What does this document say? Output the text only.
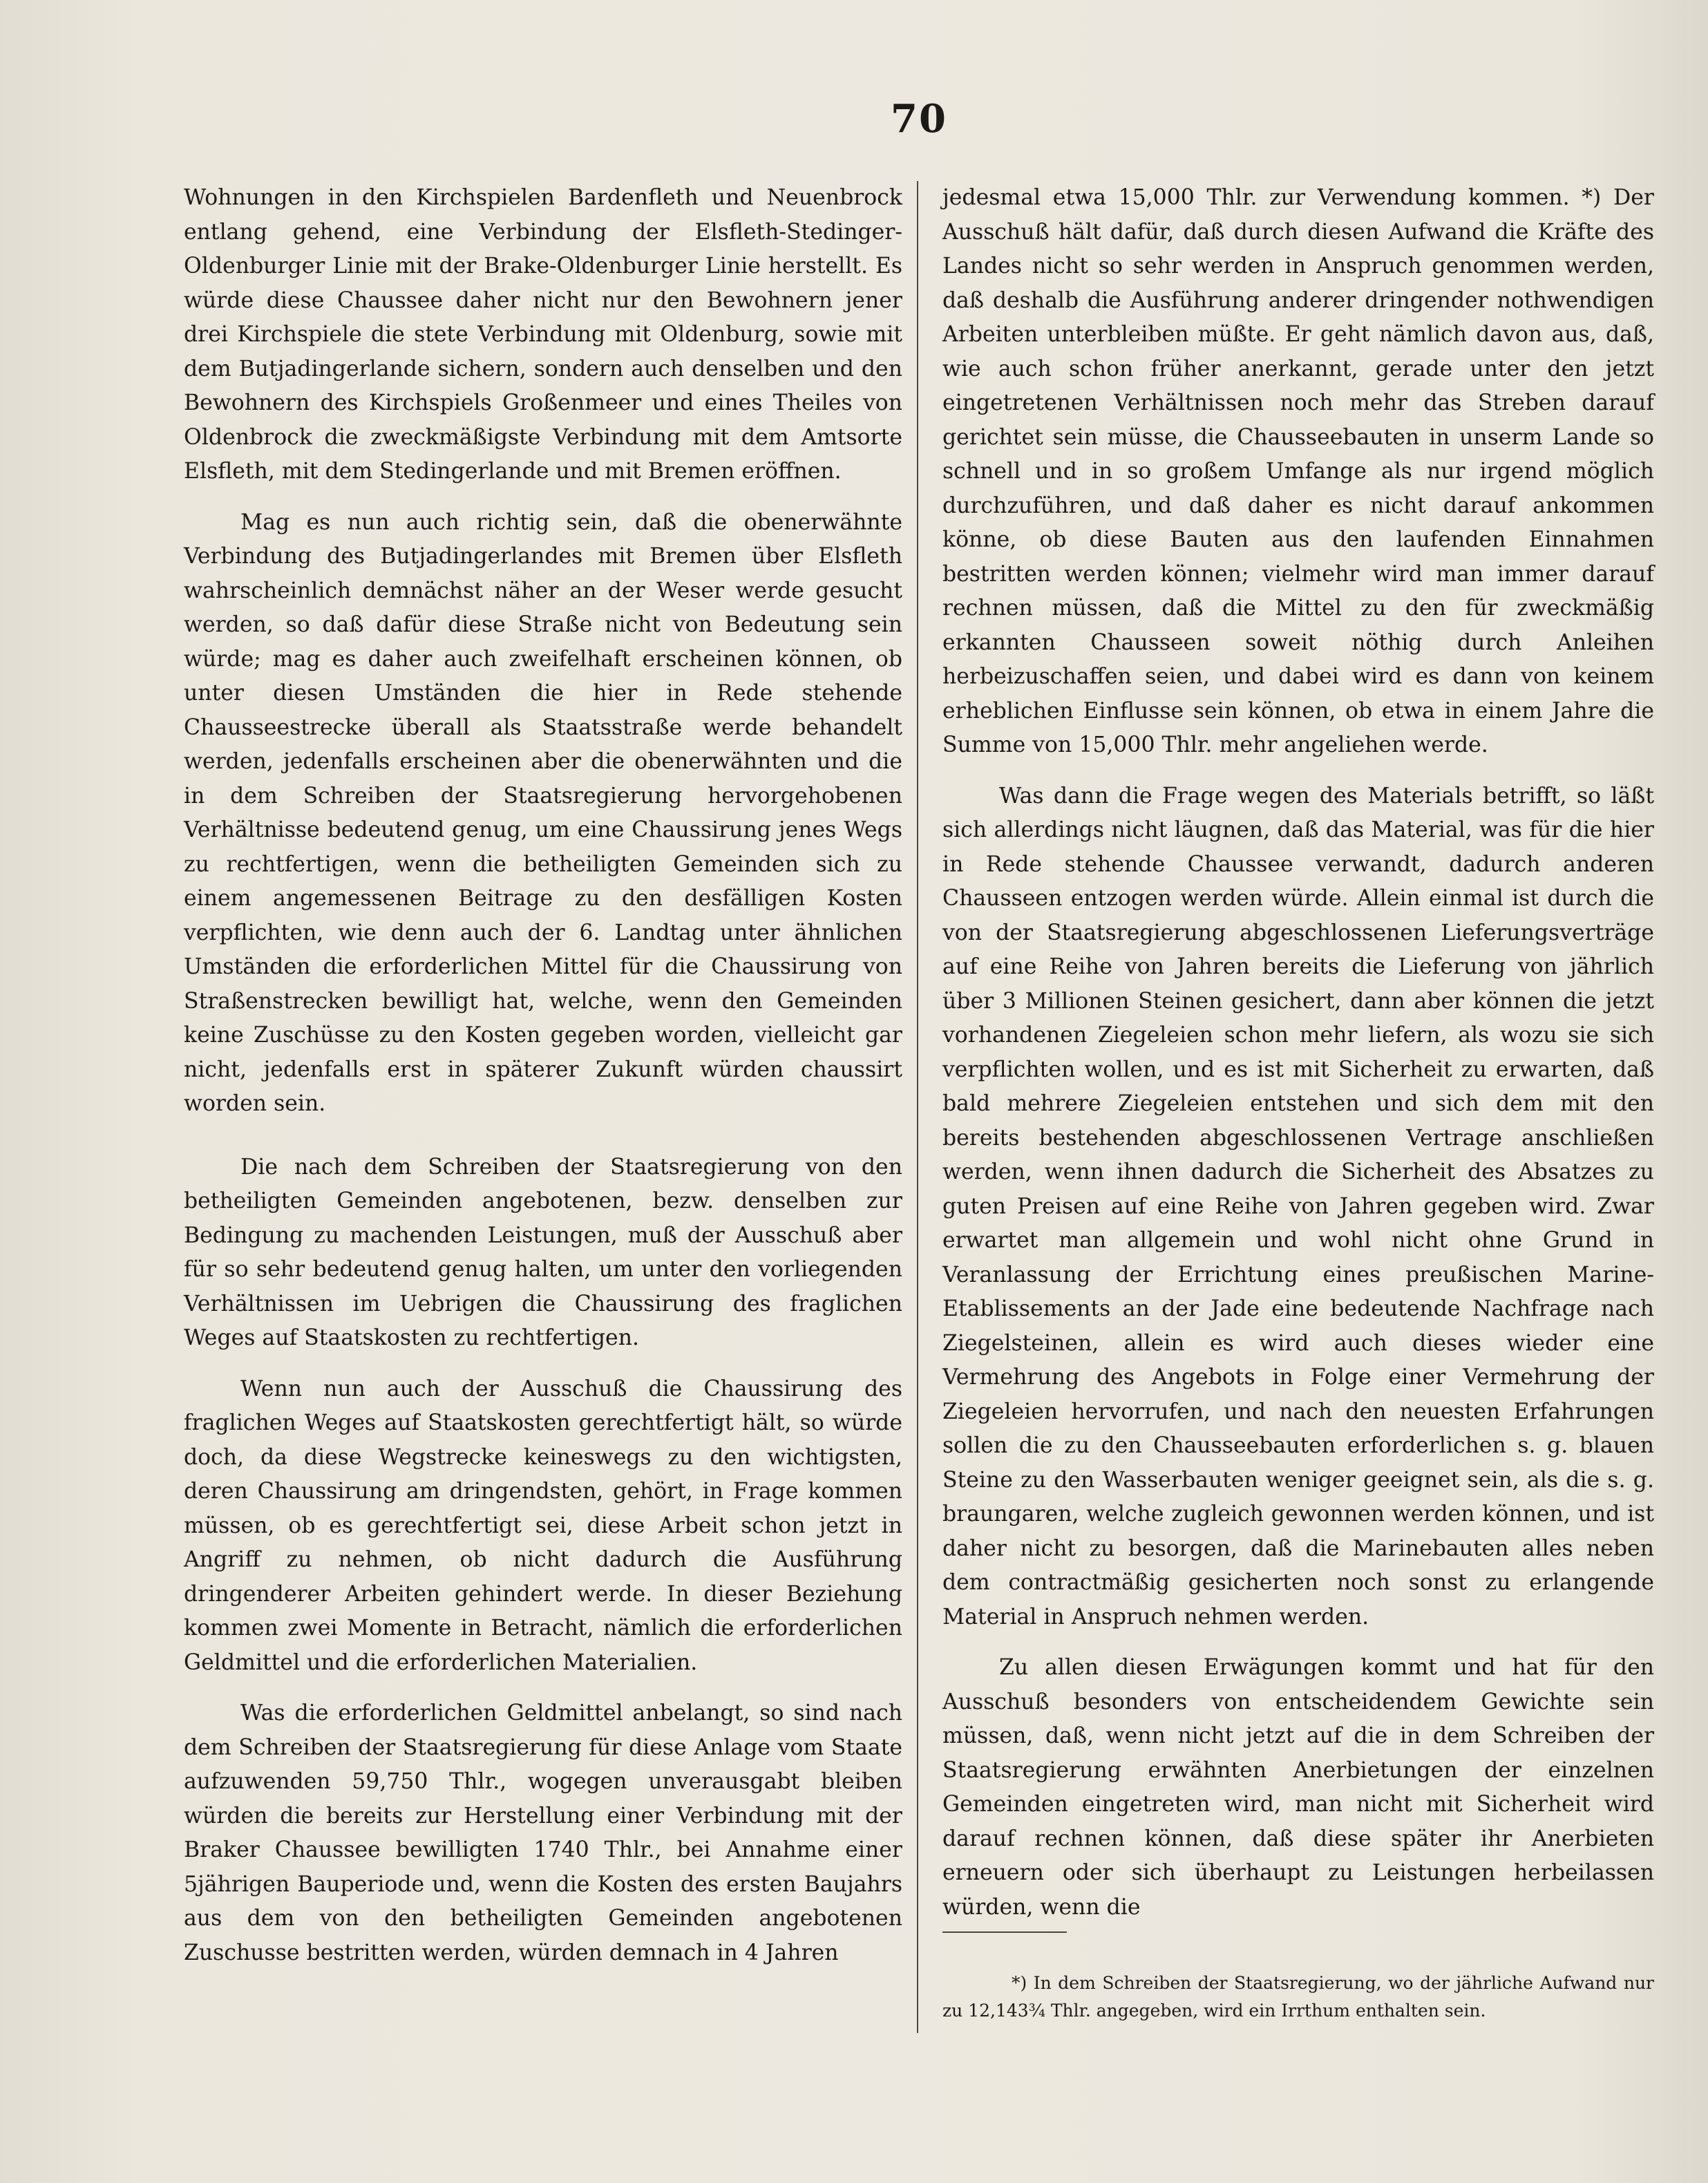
70

Wohnungen in den Kirchspielen Bardenfleth und Neuenbrock entlang gehend, eine Verbindung der Elsfleth-Stedinger-Oldenburger Linie mit der Brake-Oldenburger Linie herstellt. Es würde diese Chaussee daher nicht nur den Bewohnern jener drei Kirchspiele die stete Verbindung mit Oldenburg, sowie mit dem Butjadingerlande sichern, sondern auch denselben und den Bewohnern des Kirchspiels Großenmeer und eines Theiles von Oldenbrock die zweckmäßigste Verbindung mit dem Amtsorte Elsfleth, mit dem Stedingerlande und mit Bremen eröffnen.

Mag es nun auch richtig sein, daß die obenerwähnte Verbindung des Butjadingerlandes mit Bremen über Elsfleth wahrscheinlich demnächst näher an der Weser werde gesucht werden, so daß dafür diese Straße nicht von Bedeutung sein würde; mag es daher auch zweifelhaft erscheinen können, ob unter diesen Umständen die hier in Rede stehende Chausseestrecke überall als Staatsstraße werde behandelt werden, jedenfalls erscheinen aber die obenerwähnten und die in dem Schreiben der Staatsregierung hervorgehobenen Verhältnisse bedeutend genug, um eine Chaussirung jenes Wegs zu rechtfertigen, wenn die betheiligten Gemeinden sich zu einem angemessenen Beitrage zu den desfälligen Kosten verpflichten, wie denn auch der 6. Landtag unter ähnlichen Umständen die erforderlichen Mittel für die Chaussirung von Straßenstrecken bewilligt hat, welche, wenn den Gemeinden keine Zuschüsse zu den Kosten gegeben worden, vielleicht gar nicht, jedenfalls erst in späterer Zukunft würden chaussirt worden sein.

Die nach dem Schreiben der Staatsregierung von den betheiligten Gemeinden angebotenen, bezw. denselben zur Bedingung zu machenden Leistungen, muß der Ausschuß aber für so sehr bedeutend genug halten, um unter den vorliegenden Verhältnissen im Uebrigen die Chaussirung des fraglichen Weges auf Staatskosten zu rechtfertigen.

Wenn nun auch der Ausschuß die Chaussirung des fraglichen Weges auf Staatskosten gerechtfertigt hält, so würde doch, da diese Wegstrecke keineswegs zu den wichtigsten, deren Chaussirung am dringendsten, gehört, in Frage kommen müssen, ob es gerechtfertigt sei, diese Arbeit schon jetzt in Angriff zu nehmen, ob nicht dadurch die Ausführung dringenderer Arbeiten gehindert werde. In dieser Beziehung kommen zwei Momente in Betracht, nämlich die erforderlichen Geldmittel und die erforderlichen Materialien.

Was die erforderlichen Geldmittel anbelangt, so sind nach dem Schreiben der Staatsregierung für diese Anlage vom Staate aufzuwenden 59,750 Thlr., wogegen unverausgabt bleiben würden die bereits zur Herstellung einer Verbindung mit der Braker Chaussee bewilligten 1740 Thlr., bei Annahme einer 5jährigen Bauperiode und, wenn die Kosten des ersten Baujahrs aus dem von den betheiligten Gemeinden angebotenen Zuschusse bestritten werden, würden demnach in 4 Jahren

jedesmal etwa 15,000 Thlr. zur Verwendung kommen. *) Der Ausschuß hält dafür, daß durch diesen Aufwand die Kräfte des Landes nicht so sehr werden in Anspruch genommen werden, daß deshalb die Ausführung anderer dringender nothwendigen Arbeiten unterbleiben müßte. Er geht nämlich davon aus, daß, wie auch schon früher anerkannt, gerade unter den jetzt eingetretenen Verhältnissen noch mehr das Streben darauf gerichtet sein müsse, die Chausseebauten in unserm Lande so schnell und in so großem Umfange als nur irgend möglich durchzuführen, und daß daher es nicht darauf ankommen könne, ob diese Bauten aus den laufenden Einnahmen bestritten werden können; vielmehr wird man immer darauf rechnen müssen, daß die Mittel zu den für zweckmäßig erkannten Chausseen soweit nöthig durch Anleihen herbeizuschaffen seien, und dabei wird es dann von keinem erheblichen Einflusse sein können, ob etwa in einem Jahre die Summe von 15,000 Thlr. mehr angeliehen werde.

Was dann die Frage wegen des Materials betrifft, so läßt sich allerdings nicht läugnen, daß das Material, was für die hier in Rede stehende Chaussee verwandt, dadurch anderen Chausseen entzogen werden würde. Allein einmal ist durch die von der Staatsregierung abgeschlossenen Lieferungsverträge auf eine Reihe von Jahren bereits die Lieferung von jährlich über 3 Millionen Steinen gesichert, dann aber können die jetzt vorhandenen Ziegeleien schon mehr liefern, als wozu sie sich verpflichten wollen, und es ist mit Sicherheit zu erwarten, daß bald mehrere Ziegeleien entstehen und sich dem mit den bereits bestehenden abgeschlossenen Vertrage anschließen werden, wenn ihnen dadurch die Sicherheit des Absatzes zu guten Preisen auf eine Reihe von Jahren gegeben wird. Zwar erwartet man allgemein und wohl nicht ohne Grund in Veranlassung der Errichtung eines preußischen Marine-Etablissements an der Jade eine bedeutende Nachfrage nach Ziegelsteinen, allein es wird auch dieses wieder eine Vermehrung des Angebots in Folge einer Vermehrung der Ziegeleien hervorrufen, und nach den neuesten Erfahrungen sollen die zu den Chausseebauten erforderlichen s. g. blauen Steine zu den Wasserbauten weniger geeignet sein, als die s. g. braungaren, welche zugleich gewonnen werden können, und ist daher nicht zu besorgen, daß die Marinebauten alles neben dem contractmäßig gesicherten noch sonst zu erlangende Material in Anspruch nehmen werden.

Zu allen diesen Erwägungen kommt und hat für den Ausschuß besonders von entscheidendem Gewichte sein müssen, daß, wenn nicht jetzt auf die in dem Schreiben der Staatsregierung erwähnten Anerbietungen der einzelnen Gemeinden eingetreten wird, man nicht mit Sicherheit wird darauf rechnen können, daß diese später ihr Anerbieten erneuern oder sich überhaupt zu Leistungen herbeilassen würden, wenn die

*) In dem Schreiben der Staatsregierung, wo der jährliche Aufwand nur zu 12,143¾ Thlr. angegeben, wird ein Irrthum enthalten sein.
